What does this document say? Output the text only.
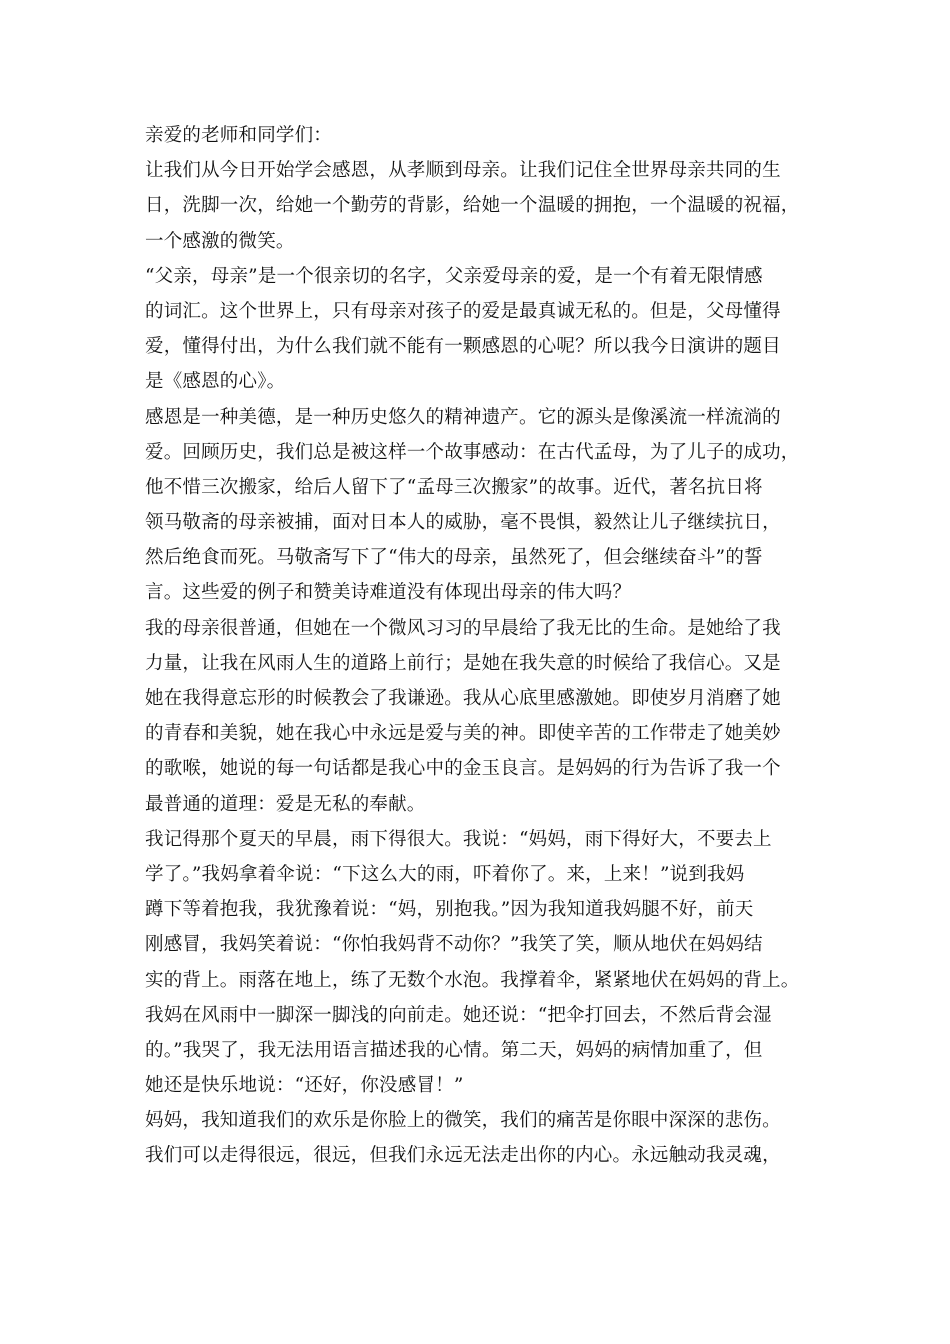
亲爱的老师和同学们：
让我们从今日开始学会感恩，从孝顺到母亲。让我们记住全世界母亲共同的生
日，洗脚一次，给她一个勤劳的背影，给她一个温暖的拥抱，一个温暖的祝福，
一个感激的微笑。
“父亲，母亲”是一个很亲切的名字，父亲爱母亲的爱，是一个有着无限情感
的词汇。这个世界上，只有母亲对孩子的爱是最真诚无私的。但是，父母懂得
爱，懂得付出，为什么我们就不能有一颗感恩的心呢？所以我今日演讲的题目
是《感恩的心》。
感恩是一种美德，是一种历史悠久的精神遗产。它的源头是像溪流一样流淌的
爱。回顾历史，我们总是被这样一个故事感动：在古代孟母，为了儿子的成功，
他不惜三次搬家，给后人留下了“孟母三次搬家”的故事。近代，著名抗日将
领马敬斋的母亲被捕，面对日本人的威胁，毫不畏惧，毅然让儿子继续抗日，
然后绝食而死。马敬斋写下了“伟大的母亲，虽然死了，但会继续奋斗”的誓
言。这些爱的例子和赞美诗难道没有体现出母亲的伟大吗？
我的母亲很普通，但她在一个微风习习的早晨给了我无比的生命。是她给了我
力量，让我在风雨人生的道路上前行；是她在我失意的时候给了我信心。又是
她在我得意忘形的时候教会了我谦逊。我从心底里感激她。即使岁月消磨了她
的青春和美貌，她在我心中永远是爱与美的神。即使辛苦的工作带走了她美妙
的歌喉，她说的每一句话都是我心中的金玉良言。是妈妈的行为告诉了我一个
最普通的道理：爱是无私的奉献。
我记得那个夏天的早晨，雨下得很大。我说：“妈妈，雨下得好大，不要去上
学了。”我妈拿着伞说：“下这么大的雨，吓着你了。来，上来！”说到我妈
蹲下等着抱我，我犹豫着说：“妈，别抱我。”因为我知道我妈腿不好，前天
刚感冒，我妈笑着说：“你怕我妈背不动你？”我笑了笑，顺从地伏在妈妈结
实的背上。雨落在地上，练了无数个水泡。我撑着伞，紧紧地伏在妈妈的背上。
我妈在风雨中一脚深一脚浅的向前走。她还说：“把伞打回去，不然后背会湿
的。”我哭了，我无法用语言描述我的心情。第二天，妈妈的病情加重了，但
她还是快乐地说：“还好，你没感冒！”
妈妈，我知道我们的欢乐是你脸上的微笑，我们的痛苦是你眼中深深的悲伤。
我们可以走得很远，很远，但我们永远无法走出你的内心。永远触动我灵魂，
